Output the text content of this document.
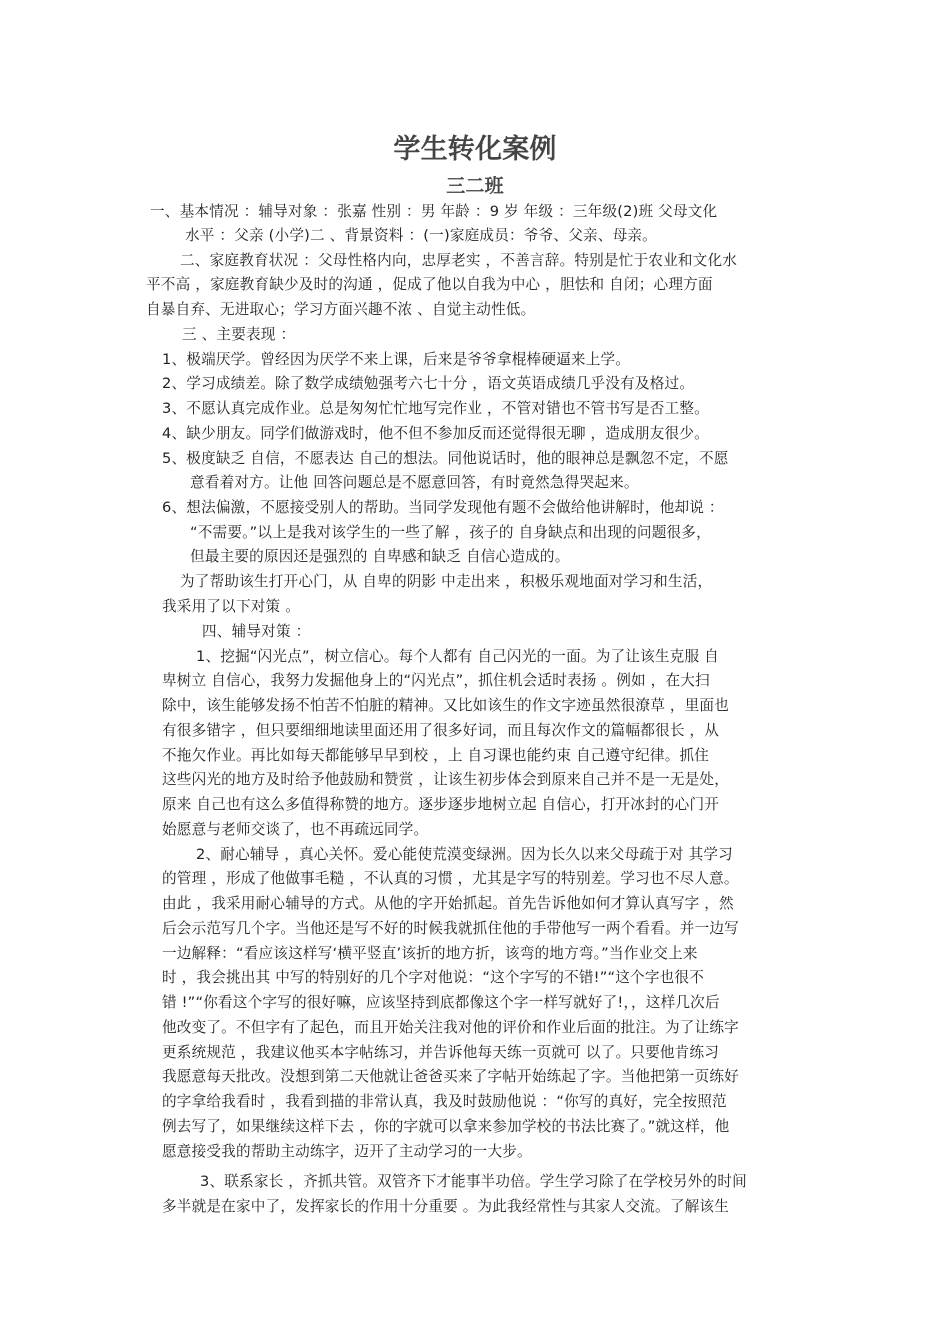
学生转化案例
三二班
一、基本情况 ：辅导对象 ：张嘉 性别 ：男 年龄 ：9 岁 年级 ：三年级(2)班 父母文化
水平 ：父亲 (小学)二 、背景资料 ：(一)家庭成员：爷爷、父亲、母亲。
二、家庭教育状况 ：父母性格内向，忠厚老实 ，不善言辞。特别是忙于农业和文化水
平不高 ，家庭教育缺少及时的沟通 ，促成了他以自我为中心 ，胆怯和 自闭；心理方面
自暴自弃、无进取心；学习方面兴趣不浓 、自觉主动性低。
三 、主要表现 ：
1、极端厌学。曾经因为厌学不来上课，后来是爷爷拿棍棒硬逼来上学。
2、学习成绩差。除了数学成绩勉强考六七十分 ，语文英语成绩几乎没有及格过。
3、不愿认真完成作业。总是匆匆忙忙地写完作业 ，不管对错也不管书写是否工整。
4、缺少朋友。同学们做游戏时，他不但不参加反而还觉得很无聊 ，造成朋友很少。
5、极度缺乏 自信，不愿表达 自己的想法。同他说话时，他的眼神总是飘忽不定，不愿
意看着对方。让他 回答问题总是不愿意回答，有时竟然急得哭起来。
6、想法偏激，不愿接受别人的帮助。当同学发现他有题不会做给他讲解时，他却说 ：
“不需要。”以上是我对该学生的一些了解 ，孩子的 自身缺点和出现的问题很多，
但最主要的原因还是强烈的 自卑感和缺乏 自信心造成的。
为了帮助该生打开心门，从 自卑的阴影 中走出来 ，积极乐观地面对学习和生活，
我采用了以下对策 。
四、辅导对策 ：
1、挖掘“闪光点”，树立信心。每个人都有 自己闪光的一面。为了让该生克服 自
卑树立 自信心，我努力发掘他身上的“闪光点”，抓住机会适时表扬 。例如 ，在大扫
除中，该生能够发扬不怕苦不怕脏的精神。又比如该生的作文字迹虽然很潦草 ，里面也
有很多错字 ，但只要细细地读里面还用了很多好词，而且每次作文的篇幅都很长 ，从
不拖欠作业。再比如每天都能够早早到校 ，上 自习课也能约束 自己遵守纪律。抓住
这些闪光的地方及时给予他鼓励和赞赏 ，让该生初步体会到原来自己并不是一无是处，
原来 自己也有这么多值得称赞的地方。逐步逐步地树立起 自信心，打开冰封的心门开
始愿意与老师交谈了，也不再疏远同学。
2、耐心辅导 ，真心关怀。爱心能使荒漠变绿洲。因为长久以来父母疏于对 其学习
的管理 ，形成了他做事毛糙 ，不认真的习惯 ，尤其是字写的特别差。学习也不尽人意。
由此 ，我采用耐心辅导的方式。从他的字开始抓起。首先告诉他如何才算认真写字 ，然
后会示范写几个字。当他还是写不好的时候我就抓住他的手带他写一两个看看。并一边写
一边解释：“看应该这样写‘横平竖直’该折的地方折，该弯的地方弯。”当作业交上来
时 ，我会挑出其 中写的特别好的几个字对他说：“这个字写的不错!”“这个字也很不
错 !”“你看这个字写的很好嘛，应该坚持到底都像这个字一样写就好了!，，这样几次后
他改变了。不但字有了起色，而且开始关注我对他的评价和作业后面的批注。为了让练字
更系统规范 ，我建议他买本字帖练习，并告诉他每天练一页就可 以了。只要他肯练习
我愿意每天批改。没想到第二天他就让爸爸买来了字帖开始练起了字。当他把第一页练好
的字拿给我看时 ，我看到描的非常认真，我及时鼓励他说 ：“你写的真好，完全按照范
例去写了，如果继续这样下去 ，你的字就可以拿来参加学校的书法比赛了。”就这样，他
愿意接受我的帮助主动练字，迈开了主动学习的一大步。
3、联系家长 ，齐抓共管。双管齐下才能事半功倍。学生学习除了在学校另外的时间
多半就是在家中了，发挥家长的作用十分重要 。为此我经常性与其家人交流。了解该生
